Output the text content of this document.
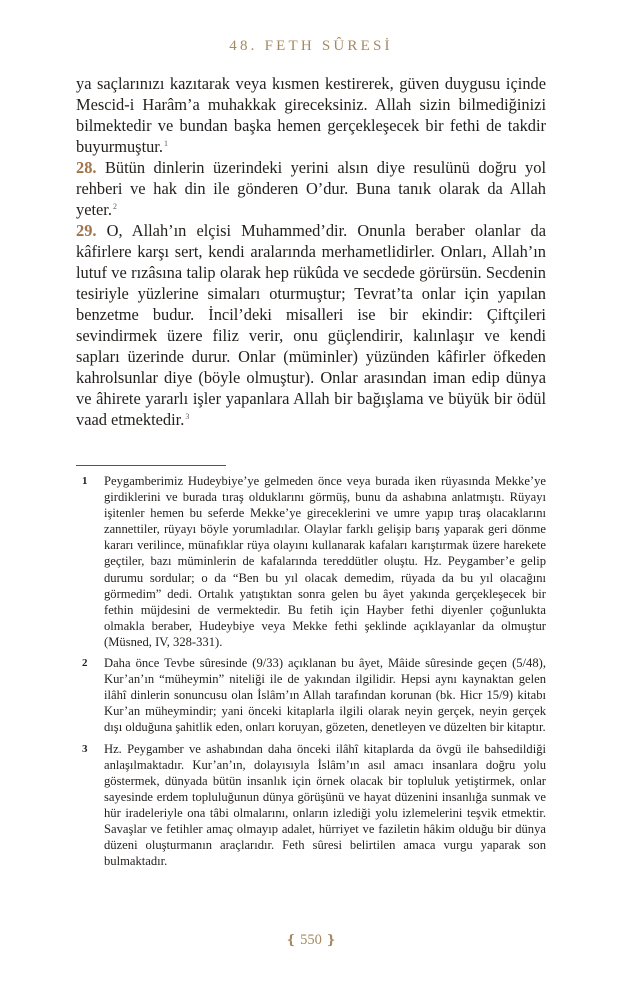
48. FETH SÛRESİ

ya saçlarınızı kazıtarak veya kısmen kestirerek, güven duygusu içinde Mescid-i Harâm’a muhakkak gireceksiniz. Allah sizin bilmediğinizi bilmektedir ve bundan başka hemen gerçekleşecek bir fethi de takdir buyurmuştur.$^1$

28. Bütün dinlerin üzerindeki yerini alsın diye resulünü doğru yol rehberi ve hak din ile gönderen O’dur. Buna tanık olarak da Allah yeter.$^2$

29. O, Allah’ın elçisi Muhammed’dir. Onunla beraber olanlar da kâfirlere karşı sert, kendi aralarında merhametlidirler. Onları, Allah’ın lutuf ve rızâsına talip olarak hep rükûda ve secdede görürsün. Secdenin tesiriyle yüzlerine simaları oturmuştur; Tevrat’ta onlar için yapılan benzetme budur. İncil’deki misalleri ise bir ekindir: Çiftçileri sevindirmek üzere filiz verir, onu güçlendirir, kalınlaşır ve kendi sapları üzerinde durur. Onlar (müminler) yüzünden kâfirler öfkeden kahrolsunlar diye (böyle olmuştur). Onlar arasından iman edip dünya ve âhirete yararlı işler yapanlara Allah bir bağışlama ve büyük bir ödül vaad etmektedir.$^3$

1	Peygamberimiz Hudeybiye’ye gelmeden önce veya burada iken rüyasında Mekke’ye girdiklerini ve burada tıraş olduklarını görmüş, bunu da ashabına anlatmıştı. Rüyayı işitenler hemen bu seferde Mekke’ye gireceklerini ve umre yapıp tıraş olacaklarını zannettiler, rüyayı böyle yorumladılar. Olaylar farklı gelişip barış yaparak geri dönme kararı verilince, münafıklar rüya olayını kullanarak kafaları karıştırmak üzere harekete geçtiler, bazı müminlerin de kafalarında tereddütler oluştu. Hz. Peygamber’e gelip durumu sordular; o da “Ben bu yıl olacak demedim, rüyada da bu yıl olacağını görmedim” dedi. Ortalık yatıştıktan sonra gelen bu âyet yakında gerçekleşecek bir fethin müjdesini de vermektedir. Bu fetih için Hayber fethi diyenler çoğunlukta olmakla beraber, Hudeybiye veya Mekke fethi şeklinde açıklayanlar da olmuştur (Müsned, IV, 328-331).
2	Daha önce Tevbe sûresinde (9/33) açıklanan bu âyet, Mâide sûresinde geçen (5/48), Kur’an’ın “müheymin” niteliği ile de yakından ilgilidir. Hepsi aynı kaynaktan gelen ilâhî dinlerin sonuncusu olan İslâm’ın Allah tarafından korunan (bk. Hicr 15/9) kitabı Kur’an müheymindir; yani önceki kitaplarla ilgili olarak neyin gerçek, neyin gerçek dışı olduğuna şahitlik eden, onları koruyan, gözeten, denetleyen ve düzelten bir kitaptır.
3	Hz. Peygamber ve ashabından daha önceki ilâhî kitaplarda da övgü ile bahsedildiği anlaşılmaktadır. Kur’an’ın, dolayısıyla İslâm’ın asıl amacı insanlara doğru yolu göstermek, dünyada bütün insanlık için örnek olacak bir topluluk yetiştirmek, onlar sayesinde erdem topluluğunun dünya görüşünü ve hayat düzenini insanlığa sunmak ve hür iradeleriyle ona tâbi olmalarını, onların izlediği yolu izlemelerini teşvik etmektir. Savaşlar ve fetihler amaç olmayıp adalet, hürriyet ve faziletin hâkim olduğu bir dünya düzeni oluşturmanın araçlarıdır. Feth sûresi belirtilen amaca vurgu yaparak son bulmaktadır.
❴ 550 ❵
